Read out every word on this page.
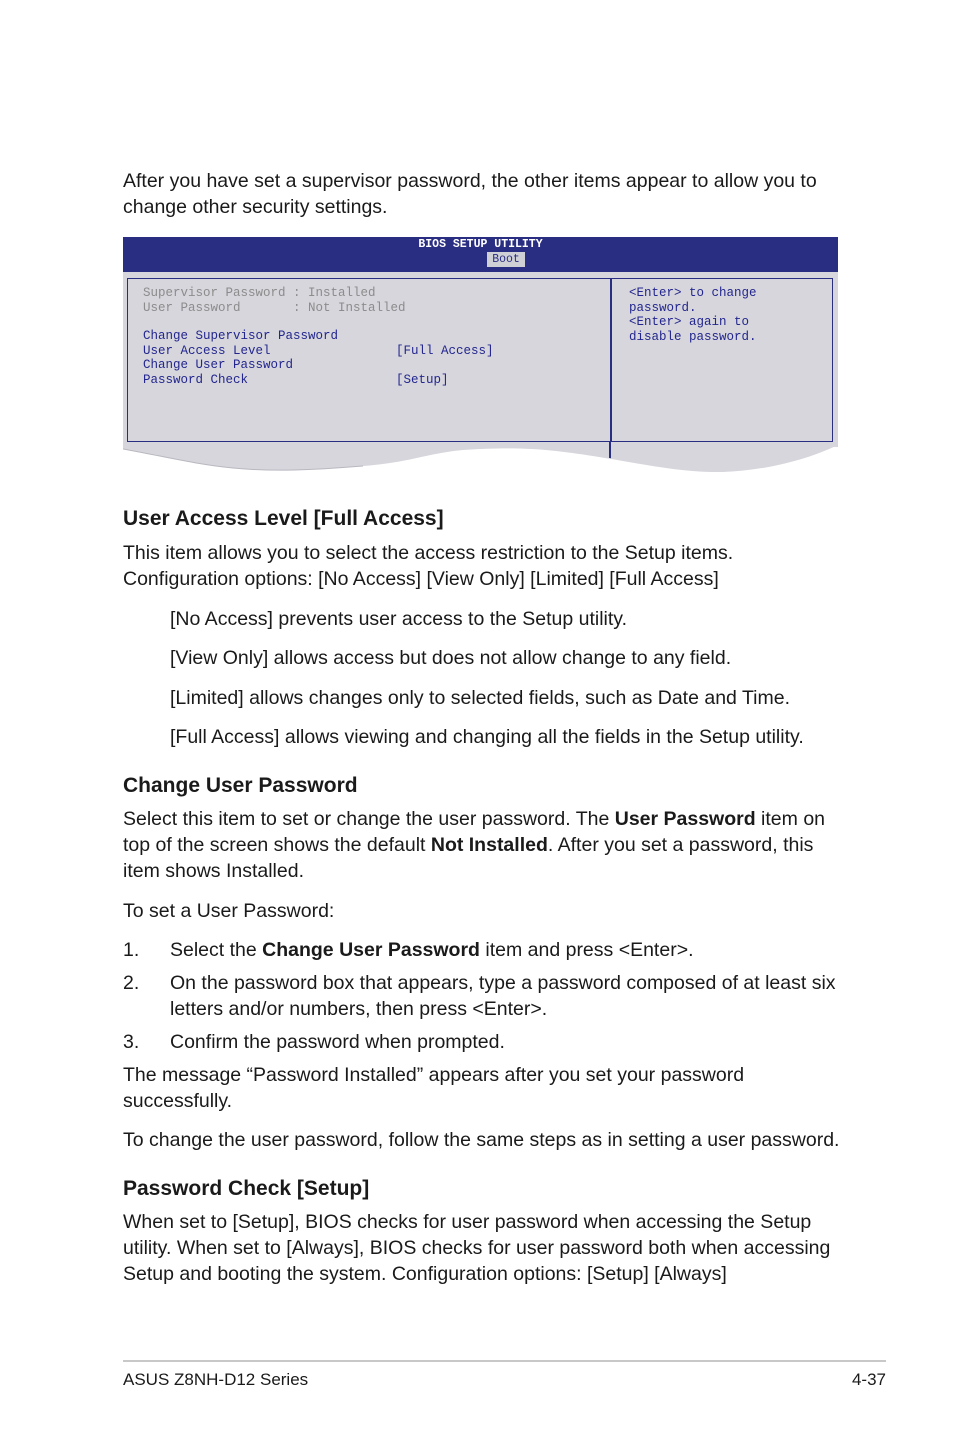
After you have set a supervisor password, the other items appear to allow you to change other security settings.

BIOS SETUP UTILITY
Boot
Supervisor Password : Installed
User Password       : Not Installed
Change Supervisor Password
User Access Level	[Full Access]
Change User Password
Password Check	[Setup]
<Enter> to change
password.
<Enter> again to
disable password.
User Access Level [Full Access]

This item allows you to select the access restriction to the Setup items.

Configuration options: [No Access] [View Only] [Limited] [Full Access]

[No Access] prevents user access to the Setup utility.

[View Only] allows access but does not allow change to any field.

[Limited] allows changes only to selected fields, such as Date and Time.

[Full Access] allows viewing and changing all the fields in the Setup utility.

Change User Password

Select this item to set or change the user password. The User Password item on top of the screen shows the default Not Installed. After you set a password, this item shows Installed.

To set a User Password:

1. Select the Change User Password item and press <Enter>.
2. On the password box that appears, type a password composed of at least six letters and/or numbers, then press <Enter>.
3. Confirm the password when prompted.

The message “Password Installed” appears after you set your password successfully.

To change the user password, follow the same steps as in setting a user password.

Password Check [Setup]

When set to [Setup], BIOS checks for user password when accessing the Setup utility. When set to [Always], BIOS checks for user password both when accessing Setup and booting the system. Configuration options: [Setup] [Always]

ASUS Z8NH-D12 Series	4-37
